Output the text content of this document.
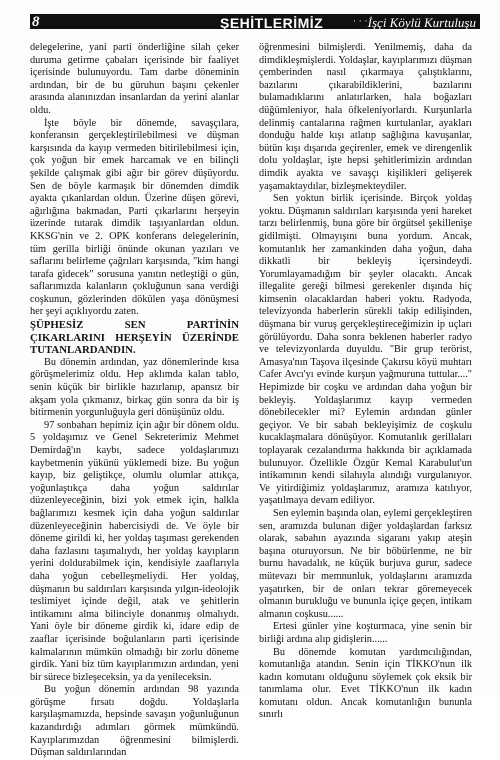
8	ŞEHİTLERİMİZ	· · · İşçi Köylü Kurtuluşu

delegelerine, yani parti önderliğine silah çeker duruma getirme çabaları içerisinde bir faaliyet içerisinde bulunuyordu. Tam darbe döneminin ardından, bir de bu güruhun başını çekenler arasında alanınızdan insanlardan da yerini alanlar oldu.

İşte böyle bir dönemde, savaşçılara, konferansın gerçekleştirilebilmesi ve düşman karşısında da kayıp vermeden bitirilebilmesi için, çok yoğun bir emek harcamak ve en bilinçli şekilde çalışmak gibi ağır bir görev düşüyordu. Sen de böyle karmaşık bir dönemden dimdik ayakta çıkanlardan oldun. Üzerine düşen görevi, ağırlığına bakmadan, Parti çıkarlarını herşeyin üzerinde tutarak dimdik taşıyanlardan oldun. KKSG'nin ve 2. OPK konferans delegelerinin, tüm gerilla birliği önünde okunan yazıları ve saflarını belirleme çağrıları karşısında, "kim hangi tarafa gidecek" sorusuna yanıtın netleştiği o gün, saflarımızda kalanların çokluğunun sana verdiği coşkunun, gözlerinden dökülen yaşa dönüşmesi her şeyi açıklıyordu zaten.

ŞÜPHESİZ SEN PARTİNİN ÇIKARLARINI HERŞEYİN ÜZERİNDE TUTANLARDANDIN.

Bu dönemin ardından, yaz dönemlerinde kısa görüşmelerimiz oldu. Hep aklımda kalan tablo, senin küçük bir birlikle hazırlanıp, apansız bir akşam yola çıkmanız, birkaç gün sonra da bir iş bitirmenin yorgunluğuyla geri dönüşünüz oldu.

97 sonbaharı hepimiz için ağır bir dönem oldu. 5 yoldaşımız ve Genel Sekreterimiz Mehmet Demirdağ'ın kaybı, sadece yoldaşlarımızı kaybetmenin yükünü yüklemedi bize. Bu yoğun kayıp, biz geliştikçe, olumlu olumlar attıkça, yoğunlaştıkça daha yoğun saldırılar düzenleyeceğinin, bizi yok etmek için, halkla bağlarımızı kesmek için daha yoğun saldırılar düzenleyeceğinin habercisiydi de. Ve öyle bir döneme girildi ki, her yoldaş taşıması gerekenden daha fazlasını taşımalıydı, her yoldaş kayıpların yerini doldurabilmek için, kendisiyle zaaflarıyla daha yoğun cebelleşmeliydi. Her yoldaş, düşmanın bu saldırıları karşısında yılgın-ideolojik teslimiyet içinde değil, atak ve şehitlerin intikamını alma bilinciyle donanmış olmalıydı. Yani öyle bir döneme girdik ki, idare edip de zaaflar içerisinde boğulanların parti içerisinde kalmalarının mümkün olmadığı bir zorlu döneme girdik. Yani biz tüm kayıplarımızın ardından, yeni bir sürece bizleşeceksin, ya da yenileceksin.

Bu yoğun dönemin ardından 98 yazında görüşme fırsatı doğdu. Yoldaşlarla karşılaşmamızda, hepsinde savaşın yoğunluğunun kazandırdığı adımları görmek mümkündü. Kayıplarımızdan öğrenmesini bilmişlerdi. Düşman saldırılarından

öğrenmesini bilmişlerdi. Yenilmemiş, daha da dimdikleşmişlerdi. Yoldaşlar, kayıplarımızı düşman çemberinden nasıl çıkarmaya çalıştıklarını, bazılarını çıkarabildiklerini, bazılarını bulamadıklarını anlatırlarken, hala boğazları düğümleniyor, hala öfkeleniyorlardı. Kurşunlarla delinmiş cantalarına rağmen kurtulanlar, ayakları donduğu halde kışı atlatıp sağlığına kavuşanlar, bütün kışı dışarıda geçirenler, emek ve direngenlik dolu yoldaşlar, işte hepsi şehitlerimizin ardından dimdik ayakta ve savaşçı kişilikleri gelişerek yaşamaktaydılar, bizleşmekteydiler.

Sen yoktun birlik içerisinde. Birçok yoldaş yoktu. Düşmanın saldırıları karşısında yeni hareket tarzı belirlenmiş, buna göre bir örgütsel şekillenişe gidilmişti. Olmayışını buna yordum. Ancak, komutanlık her zamankinden daha yoğun, daha dikkatli bir bekleyiş içersindeydi. Yorumlayamadığım bir şeyler olacaktı. Ancak illegalite gereği bilmesi gerekenler dışında hiç kimsenin olacaklardan haberi yoktu. Radyoda, televizyonda haberlerin sürekli takip edilişinden, düşmana bir vuruş gerçekleştireceğimizin ip uçları görülüyordu. Daha sonra beklenen haberler radyo ve televizyonlarda duyuldu. "Bir grup terörist, Amasya'nın Taşova ilçesinde Çakırsu köyü muhtarı Cafer Avcı'yı evinde kurşun yağmuruna tuttular...." Hepimizde bir coşku ve ardından daha yoğun bir bekleyiş. Yoldaşlarımız kayıp vermeden dönebilecekler mi? Eylemin ardından günler geçiyor. Ve bir sabah bekleyişimiz de coşkulu kucaklaşmalara dönüşüyor. Komutanlık gerillaları toplayarak cezalandırma hakkında bir açıklamada bulunuyor. Özellikle Özgür Kemal Karabulut'un intikamının kendi silahıyla alındığı vurgulanıyor. Ve yitirdiğimiz yoldaşlarımız, aramıza katılıyor, yaşatılmaya devam ediliyor.

Sen eylemin başında olan, eylemi gerçekleştiren sen, aramızda bulunan diğer yoldaşlardan farksız olarak, sabahın ayazında sigaranı yakıp ateşin başına oturuyorsun. Ne bir böbürlenme, ne bir burnu havadalık, ne küçük burjuva gurur, sadece mütevazı bir memnunluk, yoldaşlarını aramızda yaşatırken, bir de onları tekrar göremeyecek olmanın burukluğu ve bununla içiçe geçen, intikam almanın coşkusu......

Ertesi günler yine koşturmaca, yine senin bir birliği ardına alıp gidişlerin......

Bu dönemde komutan yardımcılığından, komutanlığa atandın. Senin için TİKKO'nun ilk kadın komutanı olduğunu söylemek çok eksik bir tanımlama olur. Evet TİKKO'nun ilk kadın komutanı oldun. Ancak komutanlığın bununla sınırlı
